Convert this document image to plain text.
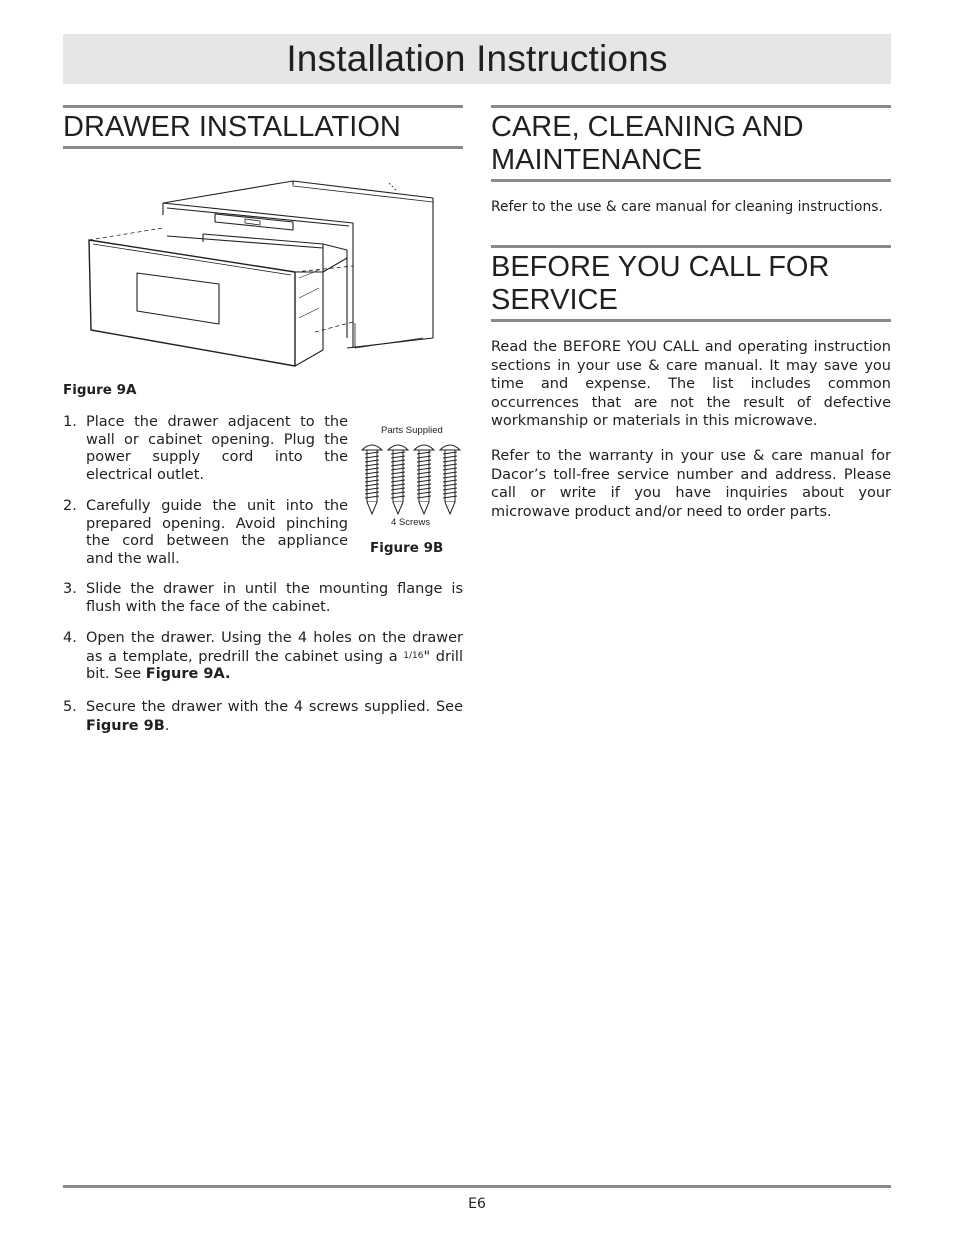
Installation Instructions
DRAWER INSTALLATION
Figure 9A
1. Place the drawer adjacent to the wall or cabinet opening. Plug the power supply cord into the electrical outlet.
2. Carefully guide the unit into the prepared opening. Avoid pinching the cord between the appliance and the wall.
Parts Supplied
4 Screws
Figure 9B
3. Slide the drawer in until the mounting flange is flush with the face of the cabinet.
4. Open the drawer. Using the 4 holes on the drawer as a template, predrill the cabinet using a $^{1/16}$" drill bit. See Figure 9A.
5. Secure the drawer with the 4 screws supplied. See Figure 9B.
CARE, CLEANING AND MAINTENANCE

Refer to the use & care manual for cleaning instructions.

BEFORE YOU CALL FOR SERVICE

Read the BEFORE YOU CALL and operating instruction sections in your use & care manual. It may save you time and expense. The list includes common occurrences that are not the result of defective workmanship or materials in this microwave.

Refer to the warranty in your use & care manual for Dacor’s toll-free service number and address. Please call or write if you have inquiries about your microwave product and/or need to order parts.

E6
